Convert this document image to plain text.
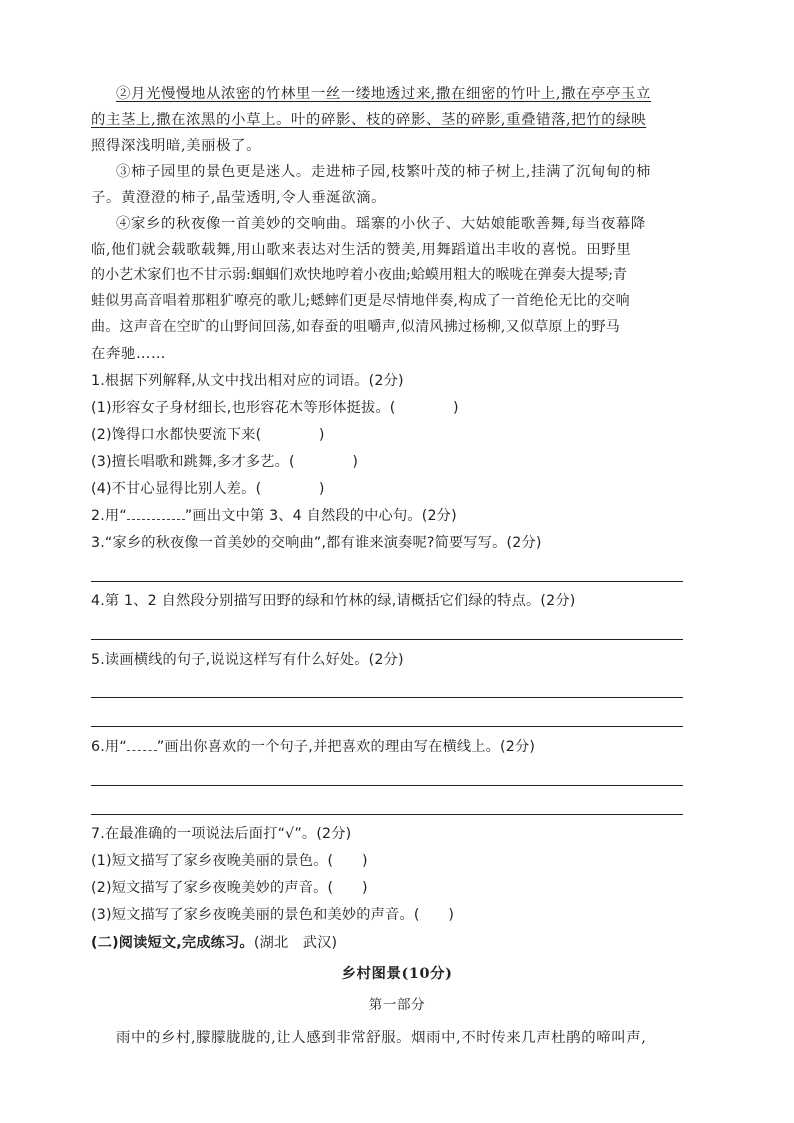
②月光慢慢地从浓密的竹林里一丝一缕地透过来,撒在细密的竹叶上,撒在亭亭玉立
的主茎上,撒在浓黑的小草上。叶的碎影、枝的碎影、茎的碎影,重叠错落,把竹的绿映
照得深浅明暗,美丽极了。
③柿子园里的景色更是迷人。走进柿子园,枝繁叶茂的柿子树上,挂满了沉甸甸的柿
子。黄澄澄的柿子,晶莹透明,令人垂涎欲滴。
④家乡的秋夜像一首美妙的交响曲。瑶寨的小伙子、大姑娘能歌善舞,每当夜幕降
临,他们就会载歌载舞,用山歌来表达对生活的赞美,用舞蹈道出丰收的喜悦。田野里
的小艺术家们也不甘示弱:蝈蝈们欢快地哼着小夜曲;蛤蟆用粗大的喉咙在弹奏大提琴;青
蛙似男高音唱着那粗犷嘹亮的歌儿;蟋蟀们更是尽情地伴奏,构成了一首绝伦无比的交响
曲。这声音在空旷的山野间回荡,如春蚕的咀嚼声,似清风拂过杨柳,又似草原上的野马
在奔驰……
1.根据下列解释,从文中找出相对应的词语。(2分)
(1)形容女子身材细长,也形容花木等形体挺拔。(　　　　)
(2)馋得口水都快要流下来(　　　　)
(3)擅长唱歌和跳舞,多才多艺。(　　　　)
(4)不甘心显得比别人差。(　　　　)
2.用“	”画出文中第 3、4 自然段的中心句。(2分)
3.“家乡的秋夜像一首美妙的交响曲”,都有谁来演奏呢?简要写写。(2分)
4.第 1、2 自然段分别描写田野的绿和竹林的绿,请概括它们绿的特点。(2分)
5.读画横线的句子,说说这样写有什么好处。(2分)
6.用“ ”画出你喜欢的一个句子,并把喜欢的理由写在横线上。(2分)
7.在最准确的一项说法后面打“√”。(2分)
(1)短文描写了家乡夜晚美丽的景色。(　　)
(2)短文描写了家乡夜晚美妙的声音。(　　)
(3)短文描写了家乡夜晚美丽的景色和美妙的声音。(　　)
(二)阅读短文,完成练习。(湖北　武汉)
乡村图景(10分)
第一部分
雨中的乡村,朦朦胧胧的,让人感到非常舒服。烟雨中,不时传来几声杜鹃的啼叫声,
